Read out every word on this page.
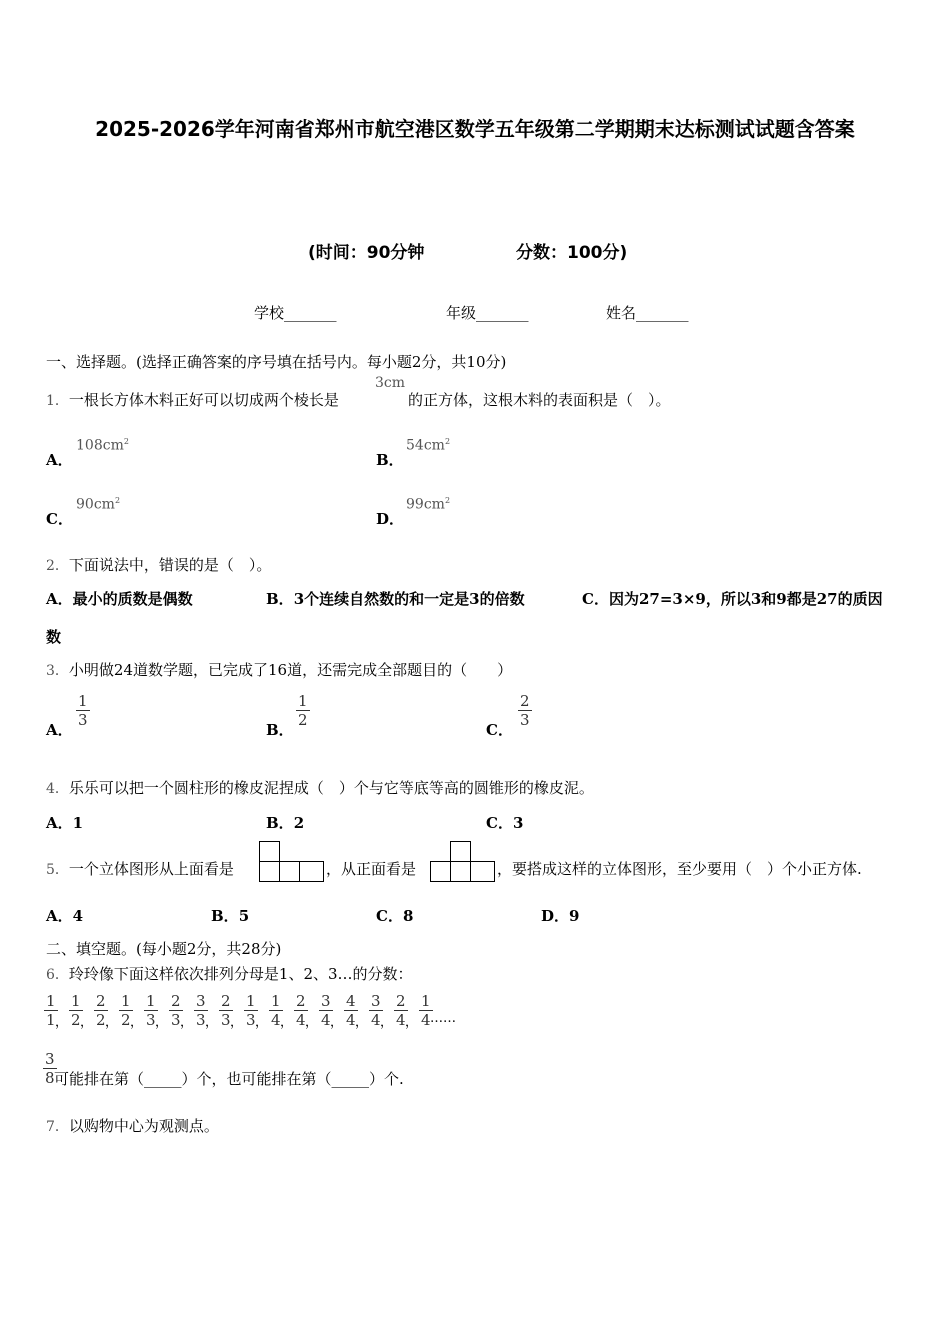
2025-2026学年河南省郑州市航空港区数学五年级第二学期期末达标测试试题含答案
(时间：90分钟	分数：100分)
学校_______	年级_______	姓名_______
一、选择题。(选择正确答案的序号填在括号内。每小题2分，共10分)
1．一根长方体木料正好可以切成两个棱长是
3cm
的正方体，这根木料的表面积是（　）。
A．
$108cm^2$
B．
$54cm^2$
C．
$90cm^2$
D．
$99cm^2$
2．下面说法中，错误的是（　）。
A．最小的质数是偶数	B．3个连续自然数的和一定是3的倍数	C．因为27=3×9，所以3和9都是27的质因
数
3．小明做24道数学题，已完成了16道，还需完成全部题目的（　　）
A．
$\frac{1}{3}$
B．
$\frac{1}{2}$
C．
$\frac{2}{3}$
4．乐乐可以把一个圆柱形的橡皮泥捏成（　）个与它等底等高的圆锥形的橡皮泥。
A．1	B．2	C．3
5．一个立体图形从上面看是	，从正面看是	，要搭成这样的立体图形，至少要用（　）个小正方体.
A．4	B．5	C．8	D．9
二、填空题。(每小题2分，共28分)
6．玲玲像下面这样依次排列分母是1、2、3…的分数：
$\frac{1}{1}$
， $\frac{1}{2}$
， $\frac{2}{2}$
， $\frac{1}{2}$
， $\frac{1}{3}$
， $\frac{2}{3}$
， $\frac{3}{3}$
， $\frac{2}{3}$
， $\frac{1}{3}$
， $\frac{1}{4}$
， $\frac{2}{4}$
， $\frac{3}{4}$
， $\frac{4}{4}$
， $\frac{3}{4}$
， $\frac{2}{4}$
， $\frac{1}{4}$
……
$\frac{3}{8}$
可能排在第（_____）个，也可能排在第（_____）个.
7．以购物中心为观测点。
